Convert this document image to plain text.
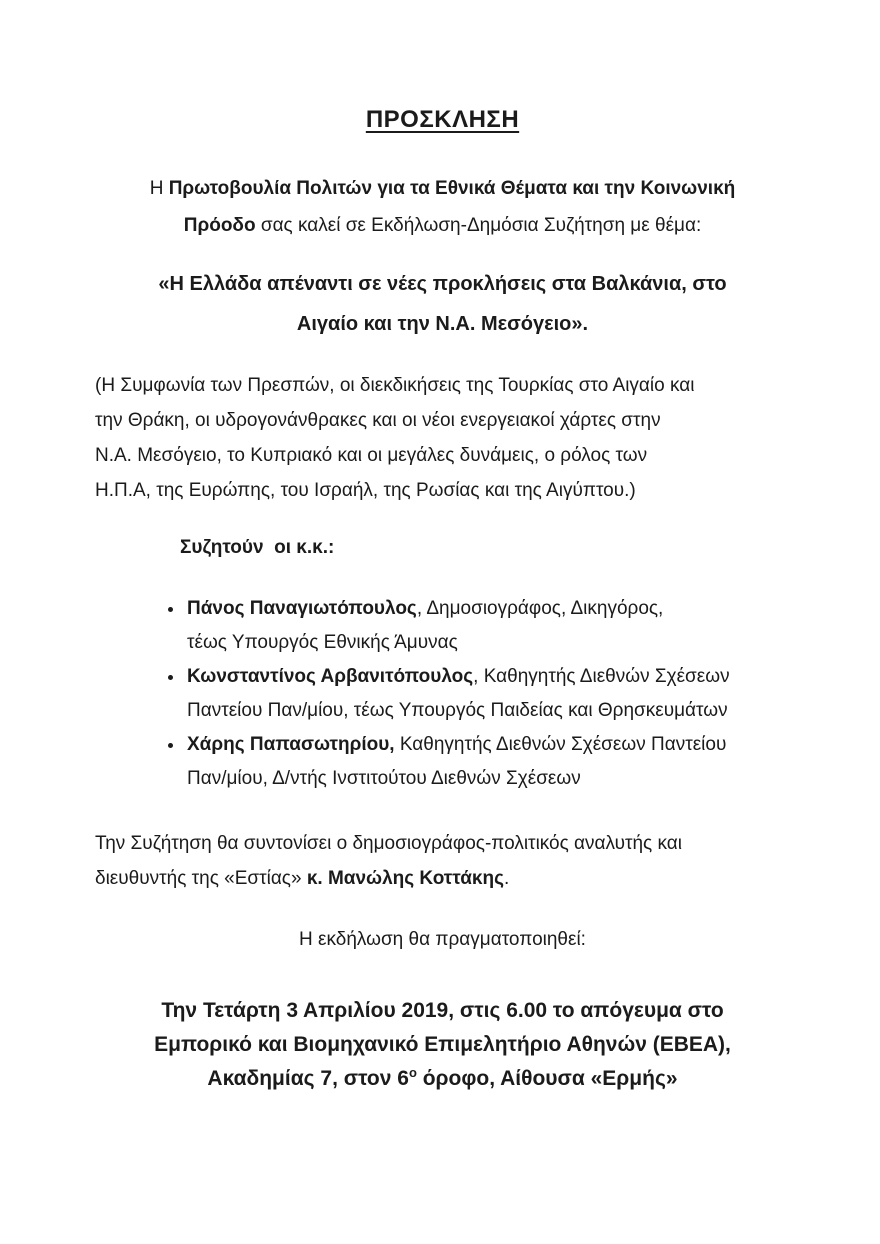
ΠΡΟΣΚΛΗΣΗ

Η Πρωτοβουλία Πολιτών για τα Εθνικά Θέματα και την Κοινωνική
Πρόοδο σας καλεί σε Εκδήλωση-Δημόσια Συζήτηση με θέμα:

«Η Ελλάδα απέναντι σε νέες προκλήσεις στα Βαλκάνια, στο
Αιγαίο και την Ν.Α. Μεσόγειο».

(Η Συμφωνία των Πρεσπών, οι διεκδικήσεις της Τουρκίας στο Αιγαίο και
την Θράκη, οι υδρογονάνθρακες και οι νέοι ενεργειακοί χάρτες στην
Ν.Α. Μεσόγειο, το Κυπριακό και οι μεγάλες δυνάμεις, ο ρόλος των
Η.Π.Α, της Ευρώπης, του Ισραήλ, της Ρωσίας και της Αιγύπτου.)

Συζητούν  οι κ.κ.:

• Πάνος Παναγιωτόπουλος, Δημοσιογράφος, Δικηγόρος,
τέως Υπουργός Εθνικής Άμυνας
• Κωνσταντίνος Αρβανιτόπουλος, Καθηγητής Διεθνών Σχέσεων
Παντείου Παν/μίου, τέως Υπουργός Παιδείας και Θρησκευμάτων
• Χάρης Παπασωτηρίου, Καθηγητής Διεθνών Σχέσεων Παντείου
Παν/μίου, Δ/ντής Ινστιτούτου Διεθνών Σχέσεων

Την Συζήτηση θα συντονίσει ο δημοσιογράφος-πολιτικός αναλυτής και
διευθυντής της «Εστίας» κ. Μανώλης Κοττάκης.

Η εκδήλωση θα πραγματοποιηθεί:

Την Τετάρτη 3 Απριλίου 2019, στις 6.00 το απόγευμα στο
Εμπορικό και Βιομηχανικό Επιμελητήριο Αθηνών (ΕΒΕΑ),
Ακαδημίας 7, στον $6^o$ όροφο, Αίθουσα «Ερμής»
